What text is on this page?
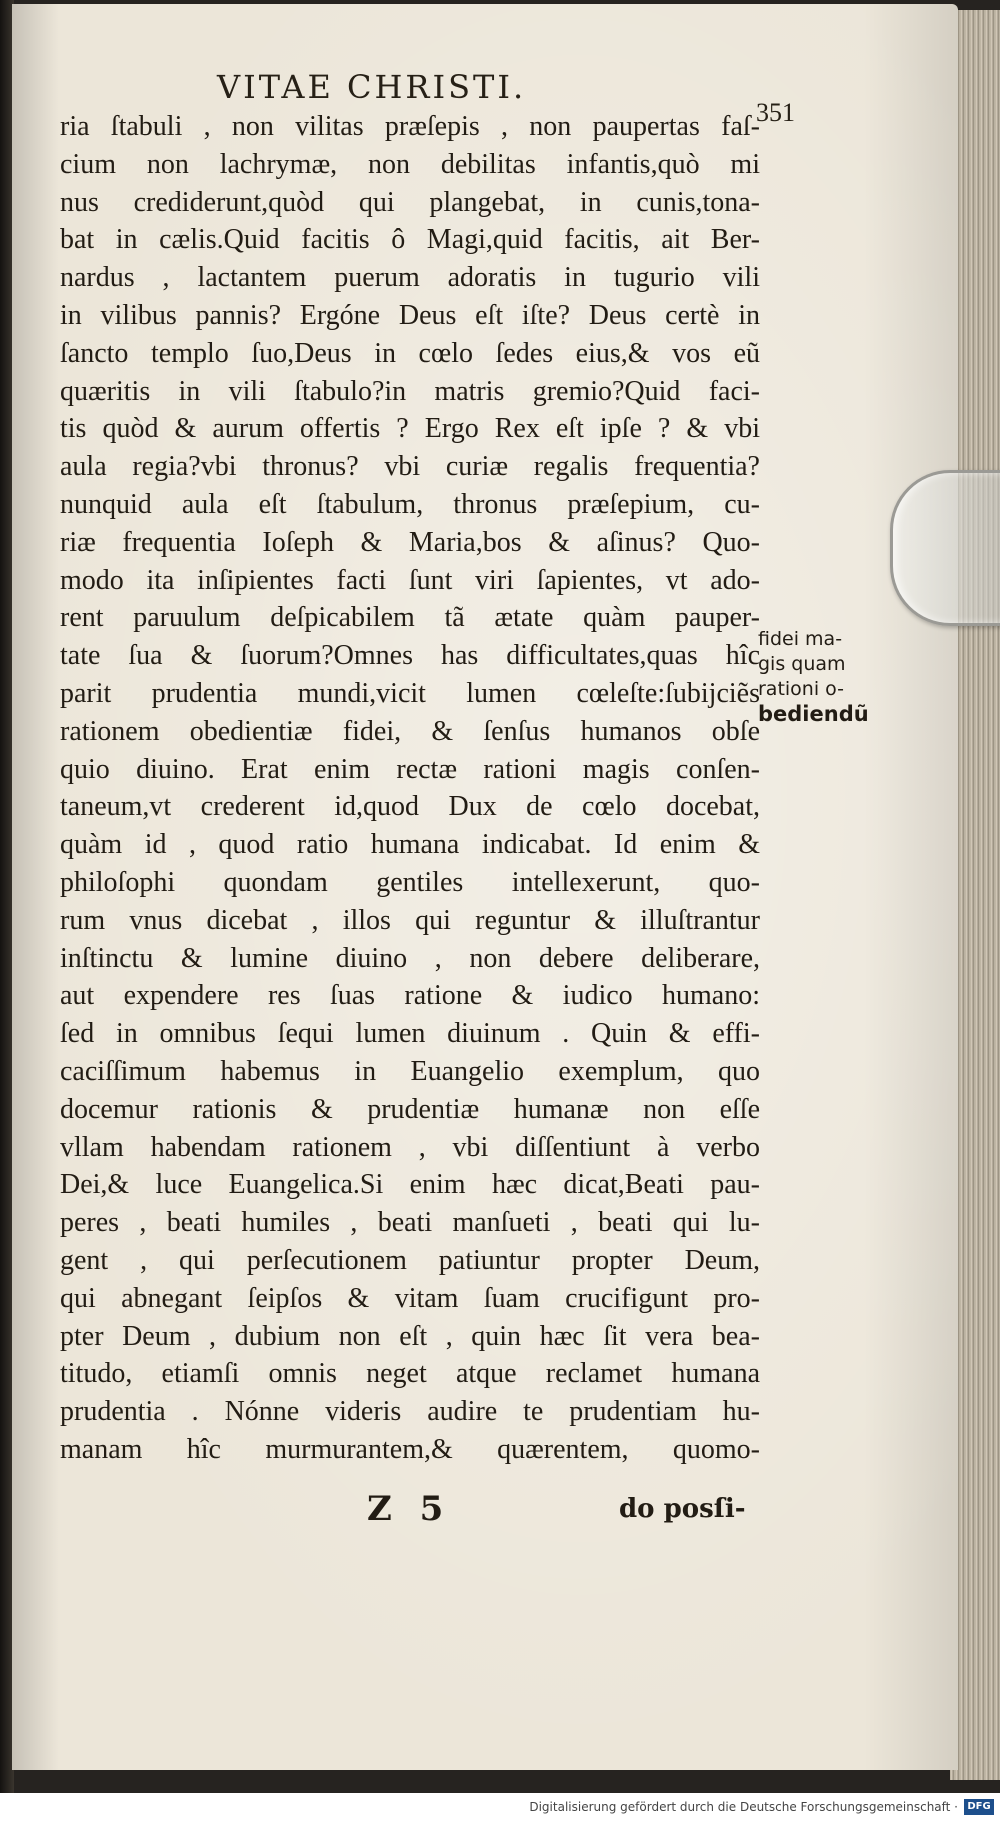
VITAE CHRISTI.
351
ria ſtabuli , non vilitas præſepis , non paupertas faſ-
cium non lachrymæ, non debilitas infantis,quò mi
nus crediderunt,quòd qui plangebat, in cunis,tona-
bat in cælis.Quid facitis ô Magi,quid facitis, ait Ber-
nardus , lactantem puerum adoratis in tugurio vili
in vilibus pannis? Ergóne Deus eſt iſte? Deus certè in
ſancto templo ſuo,Deus in cœlo ſedes eius,& vos eũ
quæritis in vili ſtabulo?in matris gremio?Quid faci-
tis quòd & aurum offertis ? Ergo Rex eſt ipſe ? & vbi
aula regia?vbi thronus? vbi curiæ regalis frequentia?
nunquid aula eſt ſtabulum, thronus præſepium, cu-
riæ frequentia Ioſeph & Maria,bos & aſinus? Quo-
modo ita inſipientes facti ſunt viri ſapientes, vt ado-
rent paruulum deſpicabilem tã ætate quàm pauper-
tate ſua & ſuorum?Omnes has difficultates,quas hîc
parit prudentia mundi,vicit lumen cœleſte:ſubijciẽs
rationem obedientiæ fidei, & ſenſus humanos obſe
quio diuino. Erat enim rectæ rationi magis conſen-
taneum,vt crederent id,quod Dux de cœlo docebat,
quàm id , quod ratio humana indicabat. Id enim &
philoſophi quondam gentiles intellexerunt, quo-
rum vnus dicebat , illos qui reguntur & illuſtrantur
inſtinctu & lumine diuino , non debere deliberare,
aut expendere res ſuas ratione & iudico humano:
ſed in omnibus ſequi lumen diuinum . Quin & effi-
caciſſimum habemus in Euangelio exemplum, quo
docemur rationis & prudentiæ humanæ non eſſe
vllam habendam rationem , vbi diſſentiunt à verbo
Dei,& luce Euangelica.Si enim hæc dicat,Beati pau-
peres , beati humiles , beati manſueti , beati qui lu-
gent , qui perſecutionem patiuntur propter Deum,
qui abnegant ſeipſos & vitam ſuam crucifigunt pro-
pter Deum , dubium non eſt , quin hæc ſit vera bea-
titudo, etiamſi omnis neget atque reclamet humana
prudentia . Nónne videris audire te prudentiam hu-
manam hîc murmurantem,& quærentem, quomo-
fidei ma-
gis quam
rationi o-
bediendũ
Z 5	do posſi-
Digitalisierung gefördert durch die Deutsche Forschungsgemeinschaft · DFG
